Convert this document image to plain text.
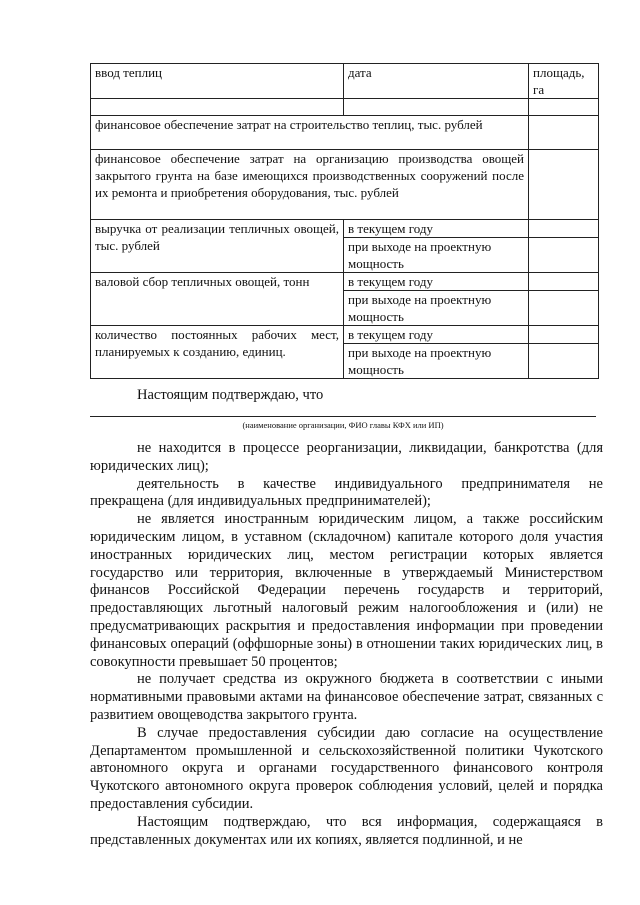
ввод теплиц	дата	площадь,
га

финансовое обеспечение затрат на строительство теплиц, тыс. рублей		
финансовое обеспечение затрат на организацию производства овощей закрытого грунта на базе имеющихся производственных сооружений после их ремонта и приобретения оборудования, тыс. рублей		
выручка от реализации тепличных овощей, тыс. рублей	в текущем году	

	при выходе на проектную
мощность	

валовой сбор тепличных овощей, тонн	в текущем году	

	при выходе на проектную
мощность	

количество постоянных рабочих мест, планируемых к созданию, единиц.	в текущем году	

	при выходе на проектную
мощность	

Настоящим подтверждаю, что
(наименование организации, ФИО главы КФХ или ИП)

не находится в процессе реорганизации, ликвидации, банкротства (для юридических лиц);

деятельность в качестве индивидуального предпринимателя не прекращена (для индивидуальных предпринимателей);

не является иностранным юридическим лицом, а также российским юридическим лицом, в уставном (складочном) капитале которого доля участия иностранных юридических лиц, местом регистрации которых является государство или территория, включенные в утверждаемый Министерством финансов Российской Федерации перечень государств и территорий, предоставляющих льготный налоговый режим налогообложения и (или) не предусматривающих раскрытия и предоставления информации при проведении финансовых операций (оффшорные зоны) в отношении таких юридических лиц, в совокупности превышает 50 процентов;

не получает средства из окружного бюджета в соответствии с иными нормативными правовыми актами на финансовое обеспечение затрат, связанных с развитием овощеводства закрытого грунта.

В случае предоставления субсидии даю согласие на осуществление Департаментом промышленной и сельскохозяйственной политики Чукотского автономного округа и органами государственного финансового контроля Чукотского автономного округа проверок соблюдения условий, целей и порядка предоставления субсидии.

Настоящим подтверждаю, что вся информация, содержащаяся в представленных документах или их копиях, является подлинной, и не
